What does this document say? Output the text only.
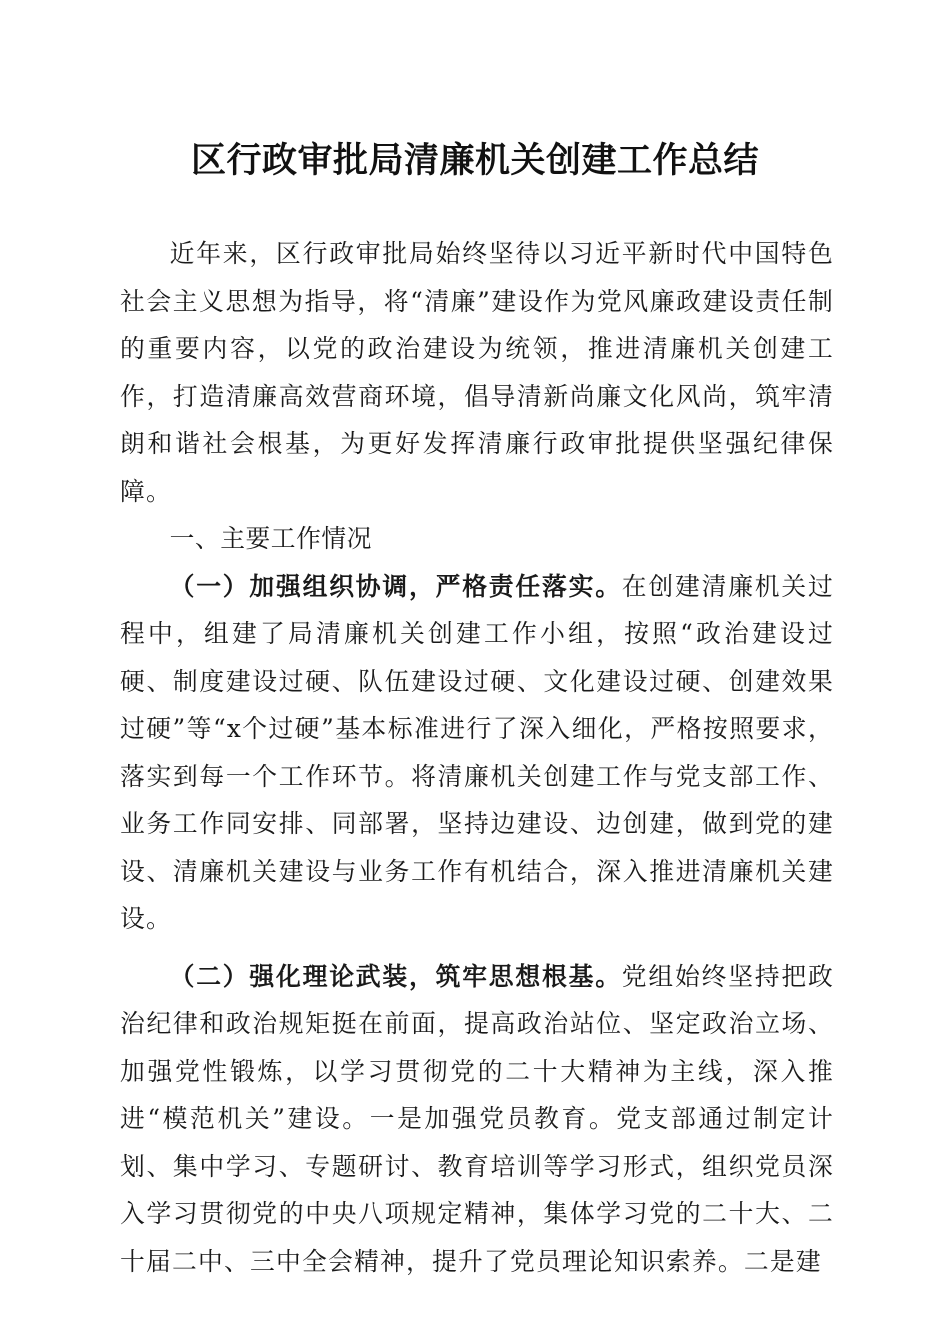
区行政审批局清廉机关创建工作总结

近年来，区行政审批局始终坚待以习近平新时代中国特色社会主义思想为指导，将“清廉”建设作为党风廉政建设责任制的重要内容，以党的政治建设为统领，推进清廉机关创建工作，打造清廉高效营商环境，倡导清新尚廉文化风尚，筑牢清朗和谐社会根基，为更好发挥清廉行政审批提供坚强纪律保障。

一、主要工作情况

（一）加强组织协调，严格责任落实。在创建清廉机关过程中，组建了局清廉机关创建工作小组，按照“政治建设过硬、制度建设过硬、队伍建设过硬、文化建设过硬、创建效果过硬”等“x个过硬”基本标准进行了深入细化，严格按照要求，落实到每一个工作环节。将清廉机关创建工作与党支部工作、业务工作同安排、同部署，坚持边建设、边创建，做到党的建设、清廉机关建设与业务工作有机结合，深入推进清廉机关建设。

（二）强化理论武装，筑牢思想根基。党组始终坚持把政治纪律和政治规矩挺在前面，提高政治站位、坚定政治立场、加强党性锻炼，以学习贯彻党的二十大精神为主线，深入推进“模范机关”建设。一是加强党员教育。党支部通过制定计划、集中学习、专题研讨、教育培训等学习形式，组织党员深入学习贯彻党的中央八项规定精神，集体学习党的二十大、二十届二中、三中全会精神，提升了党员理论知识索养。二是建
